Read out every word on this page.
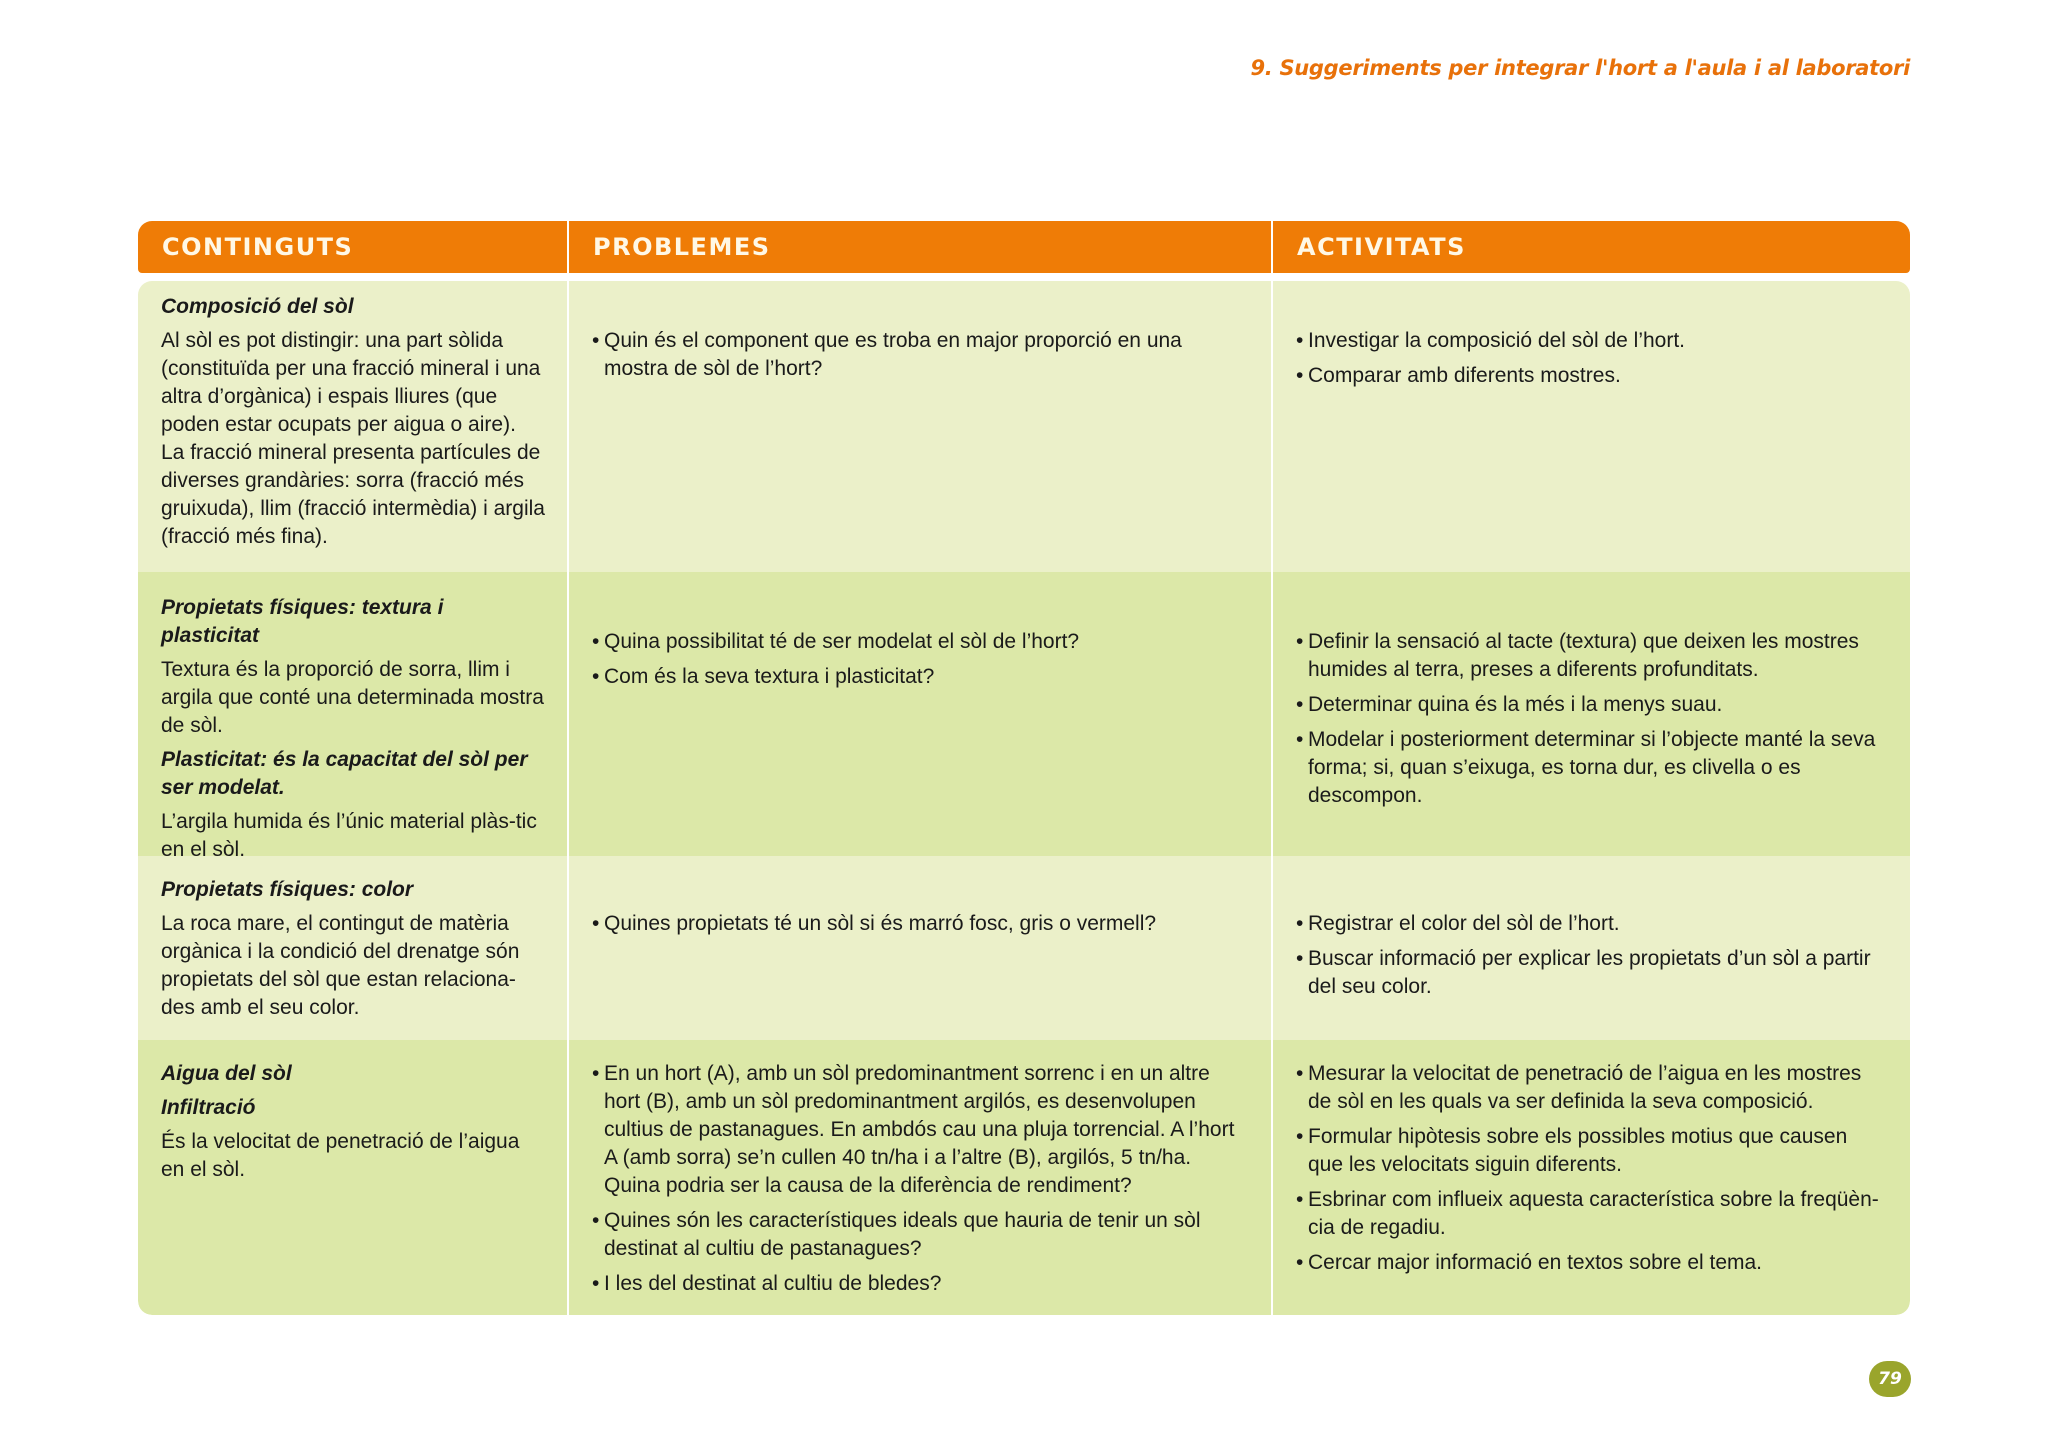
9. Suggeriments per integrar l'hort a l'aula i al laboratori
CONTINGUTS	PROBLEMES	ACTIVITATS
Composició del sòl
Al sòl es pot distingir: una part sòlida (constituïda per una fracció mineral i una altra d’orgànica) i espais lliures (que poden estar ocupats per aigua o aire). La fracció mineral presenta partícules de diverses grandàries: sorra (fracció més gruixuda), llim (fracció intermèdia) i argila (fracció més fina).
• Quin és el component que es troba en major proporció en una mostra de sòl de l’hort?
• Investigar la composició del sòl de l’hort.
• Comparar amb diferents mostres.
Propietats físiques: textura i plasticitat
Textura és la proporció de sorra, llim i argila que conté una determinada mostra de sòl.
Plasticitat: és la capacitat del sòl per ser modelat.
L’argila humida és l’únic material plàs-tic en el sòl.
• Quina possibilitat té de ser modelat el sòl de l’hort?
• Com és la seva textura i plasticitat?
• Definir la sensació al tacte (textura) que deixen les mostres humides al terra, preses a diferents profunditats.
• Determinar quina és la més i la menys suau.
• Modelar i posteriorment determinar si l’objecte manté la seva forma; si, quan s’eixuga, es torna dur, es clivella o es descompon.
Propietats físiques: color
La roca mare, el contingut de matèria orgànica i la condició del drenatge són propietats del sòl que estan relaciona-des amb el seu color.
• Quines propietats té un sòl si és marró fosc, gris o vermell?
•	Registrar el color del sòl de l’hort.
• Buscar informació per explicar les propietats d’un sòl a partir del seu color.
Aigua del sòl
Infiltració
És la velocitat de penetració de l’aigua en el sòl.
• En un hort (A), amb un sòl predominantment sorrenc i en un altre hort (B), amb un sòl predominantment argilós, es desenvolupen cultius de pastanagues. En ambdós cau una pluja torrencial. A l’hort A (amb sorra) se’n cullen 40 tn/ha i a l’altre (B), argilós, 5 tn/ha. Quina podria ser la causa de la diferència de rendiment?
• Quines són les característiques ideals que hauria de tenir un sòl destinat al cultiu de pastanagues?
• I les del destinat al cultiu de bledes?
• Mesurar la velocitat de penetració de l’aigua en les mostres de sòl en les quals va ser definida la seva composició.
• Formular hipòtesis sobre els possibles motius que causen que les velocitats siguin diferents.
• Esbrinar com influeix aquesta característica sobre la freqüèn-cia de regadiu.
• Cercar major informació en textos sobre el tema.
79
